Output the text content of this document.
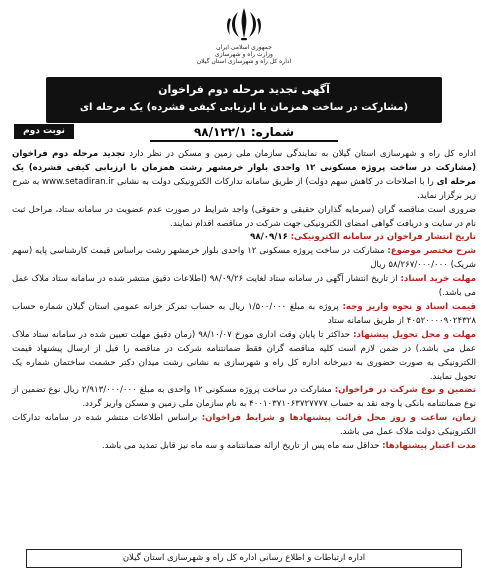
جمهوری اسلامی ایران
وزارت راه و شهرسازی
اداره کل راه و شهرسازی استان گیلان
آگهی تجدید مرحله دوم فراخوان
(مشارکت در ساخت همزمان با ارزیابی کیفی فشرده) یک مرحله ای
نوبت دوم	شماره: ۹۸/۱۲۲/۱

اداره کل راه و شهرسازی استان گیلان به نمایندگی سازمان ملی زمین و مسکن در نظر دارد تجدید مرحله دوم فراخوان (مشارکت در ساخت پروژه مسکونی ۱۲ واحدی بلوار خرمشهر رشت همزمان با ارزیابی کیفی فشرده) یک مرحله ای را با اصلاحات در کاهش سهم دولت) از طریق سامانه تدارکات الکترونیکی دولت به نشانی www.setadiran.ir به شرح زیر برگزار نماید.

ضروری است مناقصه گران (سرمایه گذاران حقیقی و حقوقی) واجد شرایط در صورت عدم عضویت در سامانه ستاد، مراحل ثبت نام در سایت و دریافت گواهی امضای الکترونیکی جهت شرکت در مناقصه اقدام نمایند.

تاریخ انتشار فراخوان در سامانه الکترونیکی: ۹۸/۰۹/۱۶

شرح مختصر موضوع: مشارکت در ساخت پروژه مسکونی ۱۲ واحدی بلوار خرمشهر رشت براساس قیمت کارشناسی پایه (سهم شریک) ۵۸/۲۶۷/۰۰۰/۰۰۰ ریال

مهلت خرید اسناد: از تاریخ انتشار آگهی در سامانه ستاد لغایت ۹۸/۰۹/۲۶ (اطلاعات دقیق منتشر شده در سامانه ستاد ملاک عمل می باشد.)

قیمت اسناد و نحوه واریز وجه: پروژه به مبلغ ۱/۵۰۰/۰۰۰ ریال به حساب تمرکز خزانه عمومی استان گیلان شماره حساب ۴۰۵۲۰۰۰۰۹۰۲۴۳۲۸ از طریق سامانه ستاد

مهلت و محل تحویل پیشنهاد: حداکثر تا پایان وقت اداری مورخ ۹۸/۱۰/۰۷ (زمان دقیق مهلت تعیین شده در سامانه ستاد ملاک عمل می باشد.) در ضمن لازم است کلیه مناقصه گران فقط ضمانتنامه شرکت در مناقصه را قبل از ارسال پیشنهاد قیمت الکترونیکی به صورت حضوری به دبیرخانه اداره کل راه و شهرسازی به نشانی رشت میدان دکتر حشمت ساختمان شماره یک تحویل نمایند.

تضمین و نوع شرکت در فراخوان: مشارکت در ساخت پروژه مسکونی ۱۲ واحدی به مبلغ ۲/۹۱۳/۰۰۰/۰۰۰ ریال نوع تضمین از نوع ضمانتنامه بانکی یا وجه نقد به حساب ۴۰۰۱۰۳۷۱۰۶۳۷۲۷۷۷۷ به نام سازمان ملی زمین و مسکن واریز گردد.

زمان، ساعت و روز محل قرائت پیشنهادها و شرایط فراخوان: براساس اطلاعات منتشر شده در سامانه تدارکات الکترونیکی دولت ملاک عمل می باشد.

مدت اعتبار پیشنهادها: حداقل سه ماه پس از تاریخ ارائه ضمانتنامه و سه ماه نیز قابل تمدید می باشد.

اداره ارتباطات و اطلاع رسانی اداره کل راه و شهرسازی استان گیلان
